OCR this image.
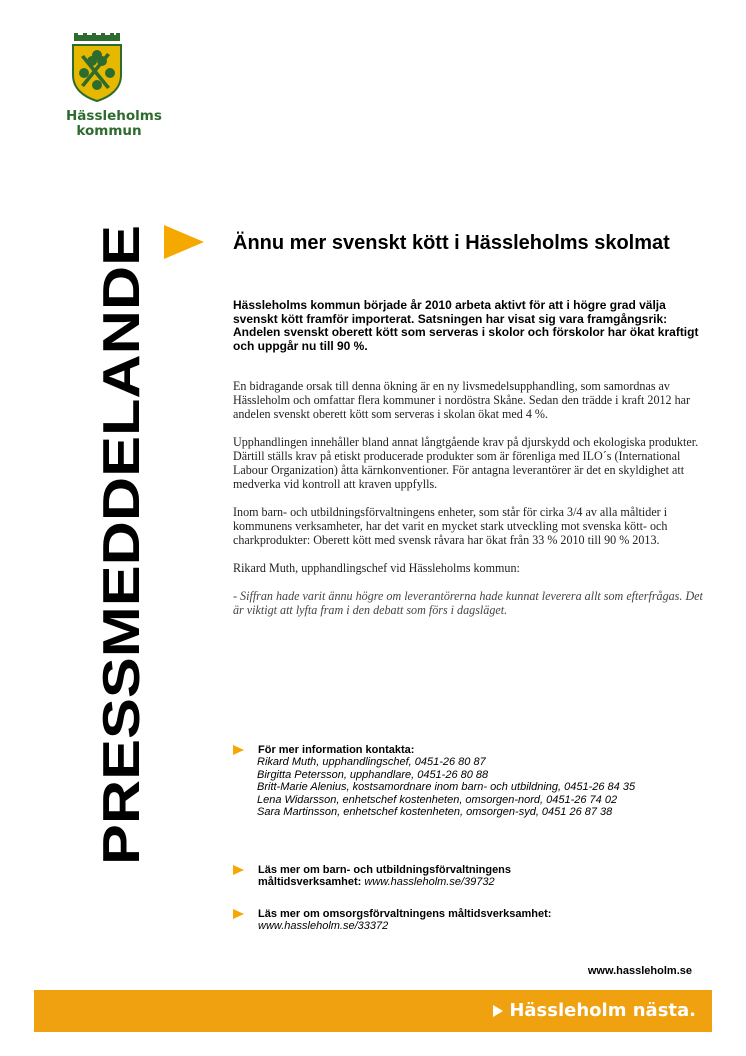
Hässleholms
kommun
PRESSMEDDELANDE
Ännu mer svenskt kött i Hässleholms skolmat

Hässleholms kommun började år 2010 arbeta aktivt för att i högre grad välja svenskt kött framför importerat. Satsningen har visat sig vara framgångsrik: Andelen svenskt oberett kött som serveras i skolor och förskolor har ökat kraftigt och uppgår nu till 90 %.

En bidragande orsak till denna ökning är en ny livsmedelsupphandling, som samordnas av Hässleholm och omfattar flera kommuner i nordöstra Skåne. Sedan den trädde i kraft 2012 har andelen svenskt oberett kött som serveras i skolan ökat med 4 %.

Upphandlingen innehåller bland annat långtgående krav på djurskydd och ekologiska produkter. Därtill ställs krav på etiskt producerade produkter som är förenliga med ILO´s (International Labour Organization) åtta kärnkonventioner. För antagna leverantörer är det en skyldighet att medverka vid kontroll att kraven uppfylls.

Inom barn- och utbildningsförvaltningens enheter, som står för cirka 3/4 av alla måltider i kommunens verksamheter, har det varit en mycket stark utveckling mot svenska kött- och charkprodukter: Oberett kött med svensk råvara har ökat från 33 % 2010 till 90 % 2013.

Rikard Muth, upphandlingschef vid Hässleholms kommun:

- Siffran hade varit ännu högre om leverantörerna hade kunnat leverera allt som efterfrågas. Det är viktigt att lyfta fram i den debatt som förs i dagsläget.

För mer information kontakta:
Rikard Muth, upphandlingschef, 0451-26 80 87
Birgitta Petersson, upphandlare, 0451-26 80 88
Britt-Marie Alenius, kostsamordnare inom barn- och utbildning, 0451-26 84 35
Lena Widarsson, enhetschef kostenheten, omsorgen-nord, 0451-26 74 02
Sara Martinsson, enhetschef kostenheten, omsorgen-syd, 0451 26 87 38
Läs mer om barn- och utbildningsförvaltningens
måltidsverksamhet: www.hassleholm.se/39732
Läs mer om omsorgsförvaltningens måltidsverksamhet:
www.hassleholm.se/33372
www.hassleholm.se
Hässleholm nästa.
